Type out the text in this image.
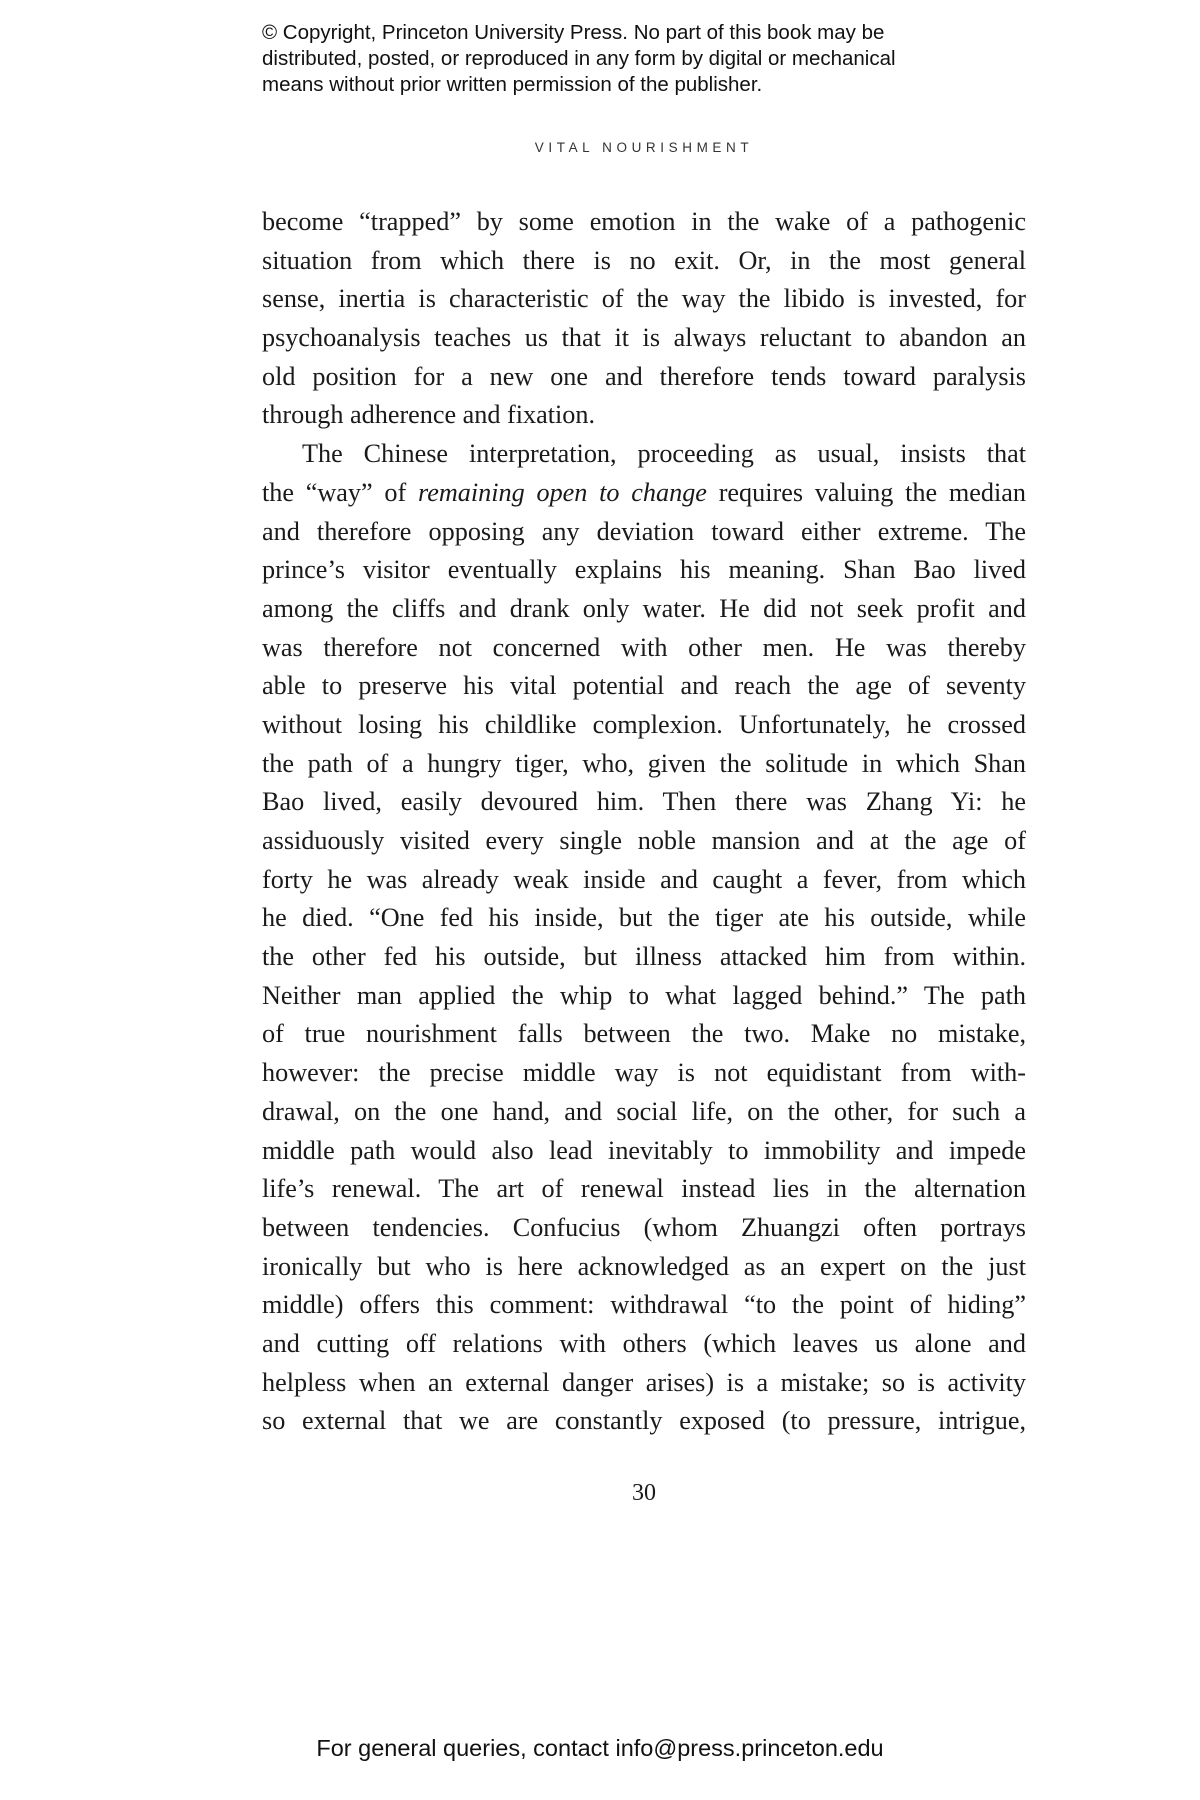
© Copyright, Princeton University Press. No part of this book may be
distributed, posted, or reproduced in any form by digital or mechanical
means without prior written permission of the publisher.
VITAL NOURISHMENT
become “trapped” by some emotion in the wake of a pathogenic
situation from which there is no exit. Or, in the most general
sense, inertia is characteristic of the way the libido is invested, for
psychoanalysis teaches us that it is always reluctant to abandon an
old position for a new one and therefore tends toward paralysis
through adherence and fixation.
The Chinese interpretation, proceeding as usual, insists that
the “way” of remaining open to change requires valuing the median
and therefore opposing any deviation toward either extreme. The
prince’s visitor eventually explains his meaning. Shan Bao lived
among the cliffs and drank only water. He did not seek profit and
was therefore not concerned with other men. He was thereby
able to preserve his vital potential and reach the age of seventy
without losing his childlike complexion. Unfortunately, he crossed
the path of a hungry tiger, who, given the solitude in which Shan
Bao lived, easily devoured him. Then there was Zhang Yi: he
assiduously visited every single noble mansion and at the age of
forty he was already weak inside and caught a fever, from which
he died. “One fed his inside, but the tiger ate his outside, while
the other fed his outside, but illness attacked him from within.
Neither man applied the whip to what lagged behind.” The path
of true nourishment falls between the two. Make no mistake,
however: the precise middle way is not equidistant from with-
drawal, on the one hand, and social life, on the other, for such a
middle path would also lead inevitably to immobility and impede
life’s renewal. The art of renewal instead lies in the alternation
between tendencies. Confucius (whom Zhuangzi often portrays
ironically but who is here acknowledged as an expert on the just
middle) offers this comment: withdrawal “to the point of hiding”
and cutting off relations with others (which leaves us alone and
helpless when an external danger arises) is a mistake; so is activity
so external that we are constantly exposed (to pressure, intrigue,
30
For general queries, contact info@press.princeton.edu
